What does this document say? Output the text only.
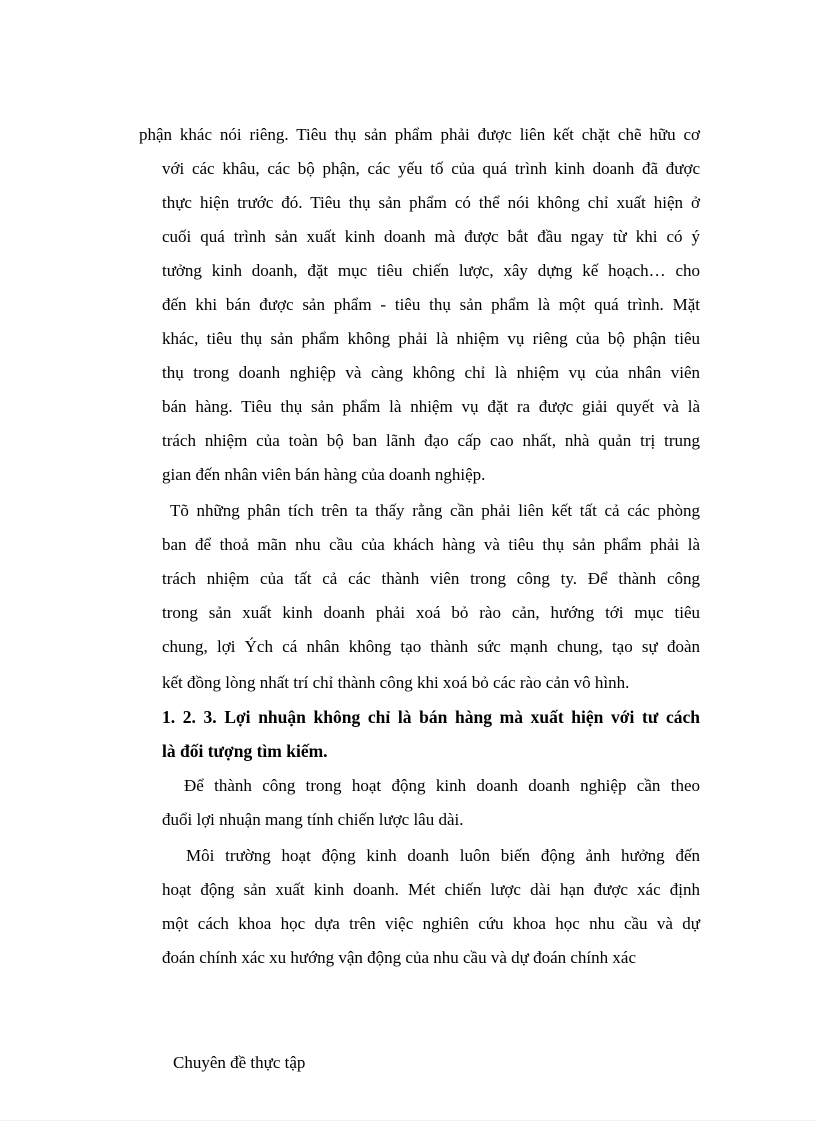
phận khác nói riêng. Tiêu thụ sản phẩm phải được liên kết chặt chẽ hữu cơ
với các khâu, các bộ phận, các yếu tố của quá trình kinh doanh đã được
thực hiện trước đó. Tiêu thụ sản phẩm có thể nói không chỉ xuất hiện ở
cuối quá trình sản xuất kinh doanh mà được bắt đầu ngay từ khi có ý
tưởng kinh doanh, đặt mục tiêu chiến lược, xây dựng kế hoạch… cho
đến khi bán được sản phẩm - tiêu thụ sản phẩm là một quá trình. Mặt
khác, tiêu thụ sản phẩm không phải là nhiệm vụ riêng của bộ phận tiêu
thụ trong doanh nghiệp và càng không chỉ là nhiệm vụ của nhân viên
bán hàng. Tiêu thụ sản phẩm là nhiệm vụ đặt ra được giải quyết và là
trách nhiệm của toàn bộ ban lãnh đạo cấp cao nhất, nhà quản trị trung
gian đến nhân viên bán hàng của doanh nghiệp.
Tõ những phân tích trên ta thấy rằng cần phải liên kết tất cả các phòng
ban để thoả mãn nhu cầu của khách hàng và tiêu thụ sản phẩm phải là
trách nhiệm của tất cả các thành viên trong công ty. Để thành công
trong sản xuất kinh doanh phải xoá bỏ rào cản, hướng tới mục tiêu
chung, lợi Ých cá nhân không tạo thành sức mạnh chung, tạo sự đoàn
kết đồng lòng nhất trí chỉ thành công khi xoá bỏ các rào cản vô hình.
1. 2. 3. Lợi nhuận không chỉ là bán hàng mà xuất hiện với tư cách
là đối tượng tìm kiếm.
Để thành công trong hoạt động kinh doanh doanh nghiệp cần theo
đuổi lợi nhuận mang tính chiến lược lâu dài.
Môi trường hoạt động kinh doanh luôn biến động ảnh hưởng đến
hoạt động sản xuất kinh doanh. Mét chiến lược dài hạn được xác định
một cách khoa học dựa trên việc nghiên cứu khoa học nhu cầu và dự
đoán chính xác xu hướng vận động của nhu cầu và dự đoán chính xác
Chuyên đề thực tập
